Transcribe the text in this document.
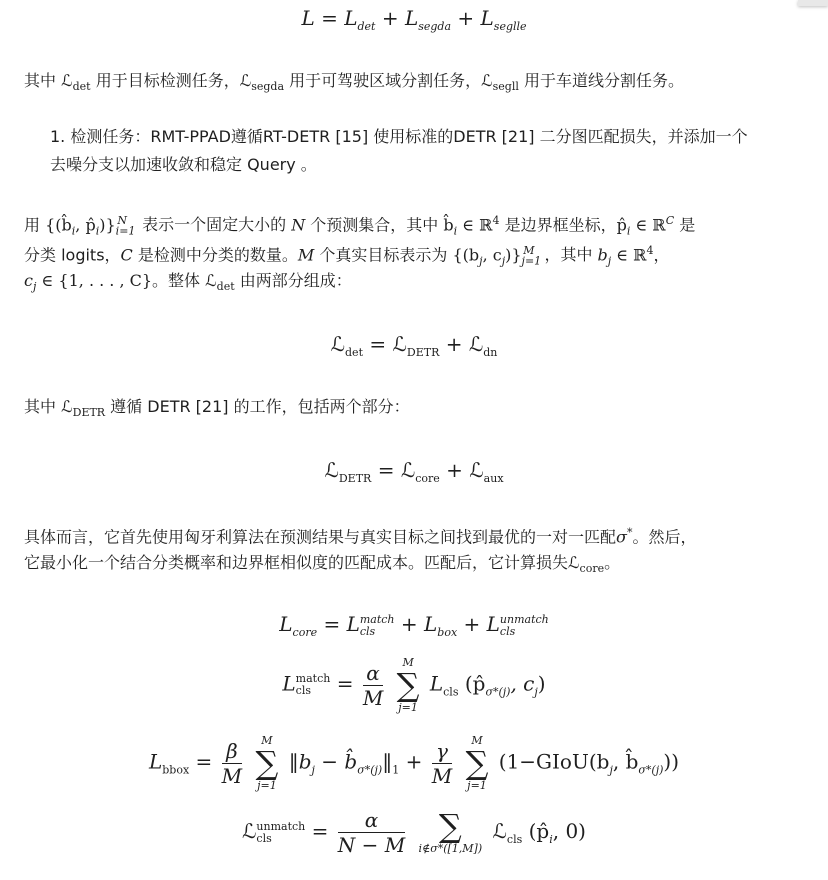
$L = L_{det} + L_{segda} + L_{seglle}$
其中 ℒ$_{det}$ 用于目标检测任务，ℒ$_{segda}$ 用于可驾驶区域分割任务，ℒ$_{segll}$ 用于车道线分割任务。
1. 检测任务：RMT-PPAD遵循RT-DETR [15] 使用标准的DETR [21] 二分图匹配损失，并添加一个
去噪分支以加速收敛和稳定 Query 。
用 {($b̂_i$, $p̂_i)\}_{i=1}^N$ 表示一个固定大小的 N 个预测集合，其中 $b̂_i$ ∈ ℝ$^4$ 是边界框坐标，$p̂_i$ ∈ ℝ$^C$ 是
分类 logits，C 是检测中分类的数量。M 个真实目标表示为 {($b_j$, $c_j)\}_{j=1}^M$ ，其中 $b_j$ ∈ ℝ$^4$，
$c_j$ ∈ {1, . . . , C}。整体 ℒ$_{det}$ 由两部分组成：
ℒ$_{det}$ = ℒ$_{DETR}$ + ℒ$_{dn}$
其中 ℒ$_{DETR}$ 遵循 DETR [21] 的工作，包括两个部分：
ℒ$_{DETR}$ = ℒ$_{core}$ + ℒ$_{aux}$
具体而言，它首先使用匈牙利算法在预测结果与真实目标之间找到最优的一对一匹配σ*。然后，
它最小化一个结合分类概率和边界框相似度的匹配成本。匹配后，它计算损失ℒ$_{core}$。
$L_{core} = L$ match
cls	+ $L_{box} + L$ unmatch
cls
L match
cls	= $\frac{\alpha}{M}$
	M
∑
j=1
$L_{cls}$ ($p̂_{\sigma*(j)}$, $c_j$)
$L_{bbox} = \frac{\beta}{M}$
	M
∑
j=1
$‖b_j$ − $b̂_{\sigma*(j)}‖_1 + \frac{\gamma}{M}$
	M
∑
j=1
($1-GIoU(b_j$, $b̂_{\sigma*(j)}$))
ℒ unmatch
cls	= $\frac{\alpha}{N - M}$
	∑
i∉σ*([1,M])
ℒ$_{cls}$ ($p̂_i$, 0)
